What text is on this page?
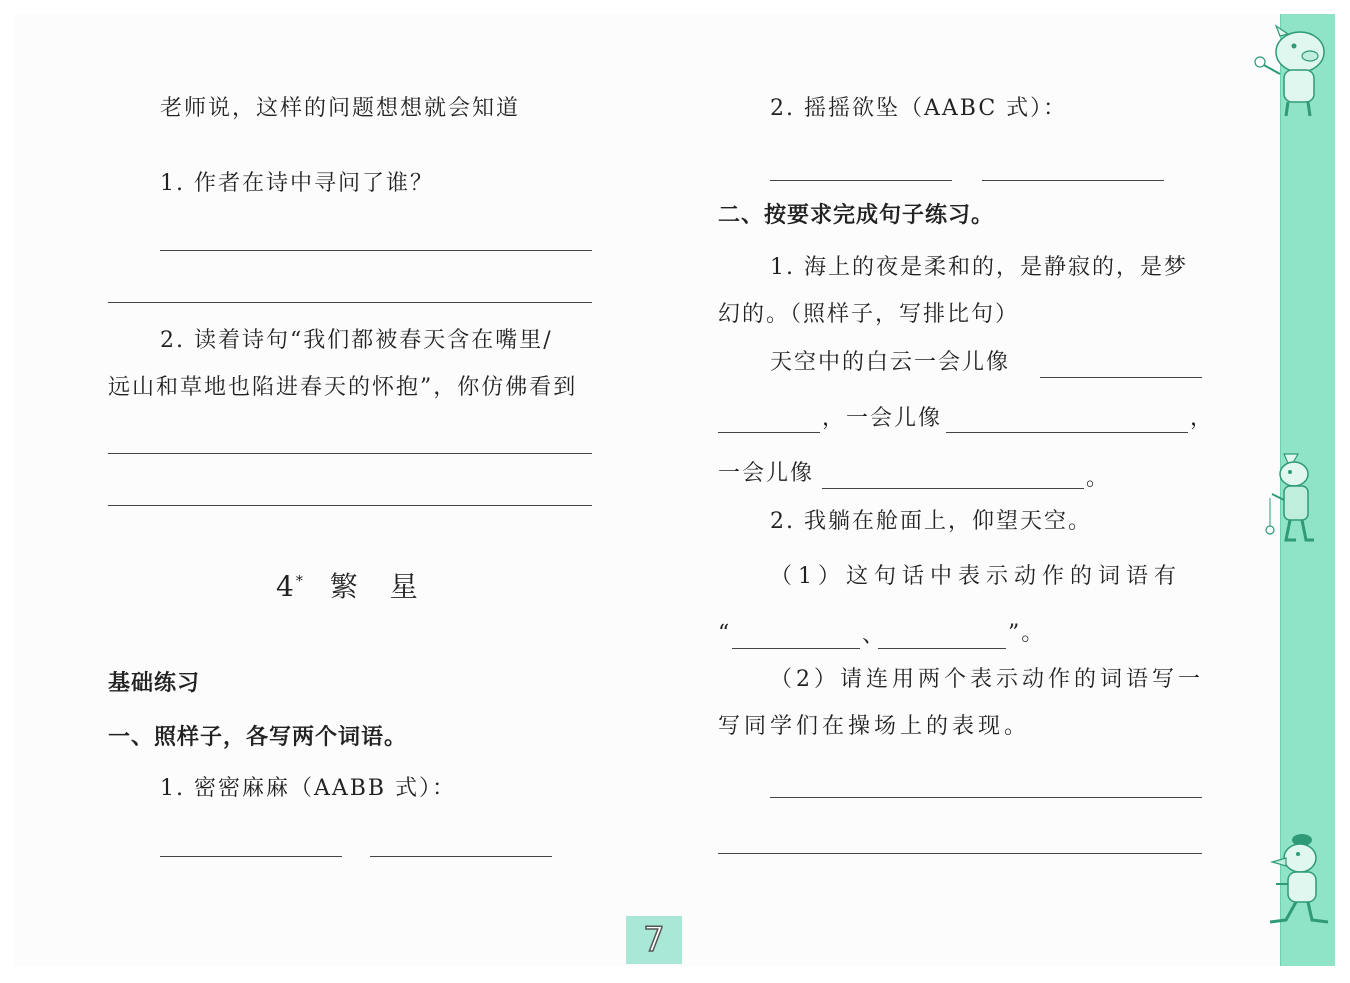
老师说，这样的问题想想就会知道
1. 作者在诗中寻问了谁？
2. 读着诗句“我们都被春天含在嘴里/
远山和草地也陷进春天的怀抱”，你仿佛看到
4* 繁　星
基础练习
一、照样子，各写两个词语。
1. 密密麻麻（AABB 式）：
2. 摇摇欲坠（AABC 式）：
二、按要求完成句子练习。
1. 海上的夜是柔和的，是静寂的，是梦
幻的。（照样子，写排比句）
天空中的白云一会儿像
，一会儿像	，
一会儿像	。
2. 我躺在舱面上，仰望天空。
（1）这句话中表示动作的词语有
“	、	”。
（2）请连用两个表示动作的词语写一
写同学们在操场上的表现。
7
